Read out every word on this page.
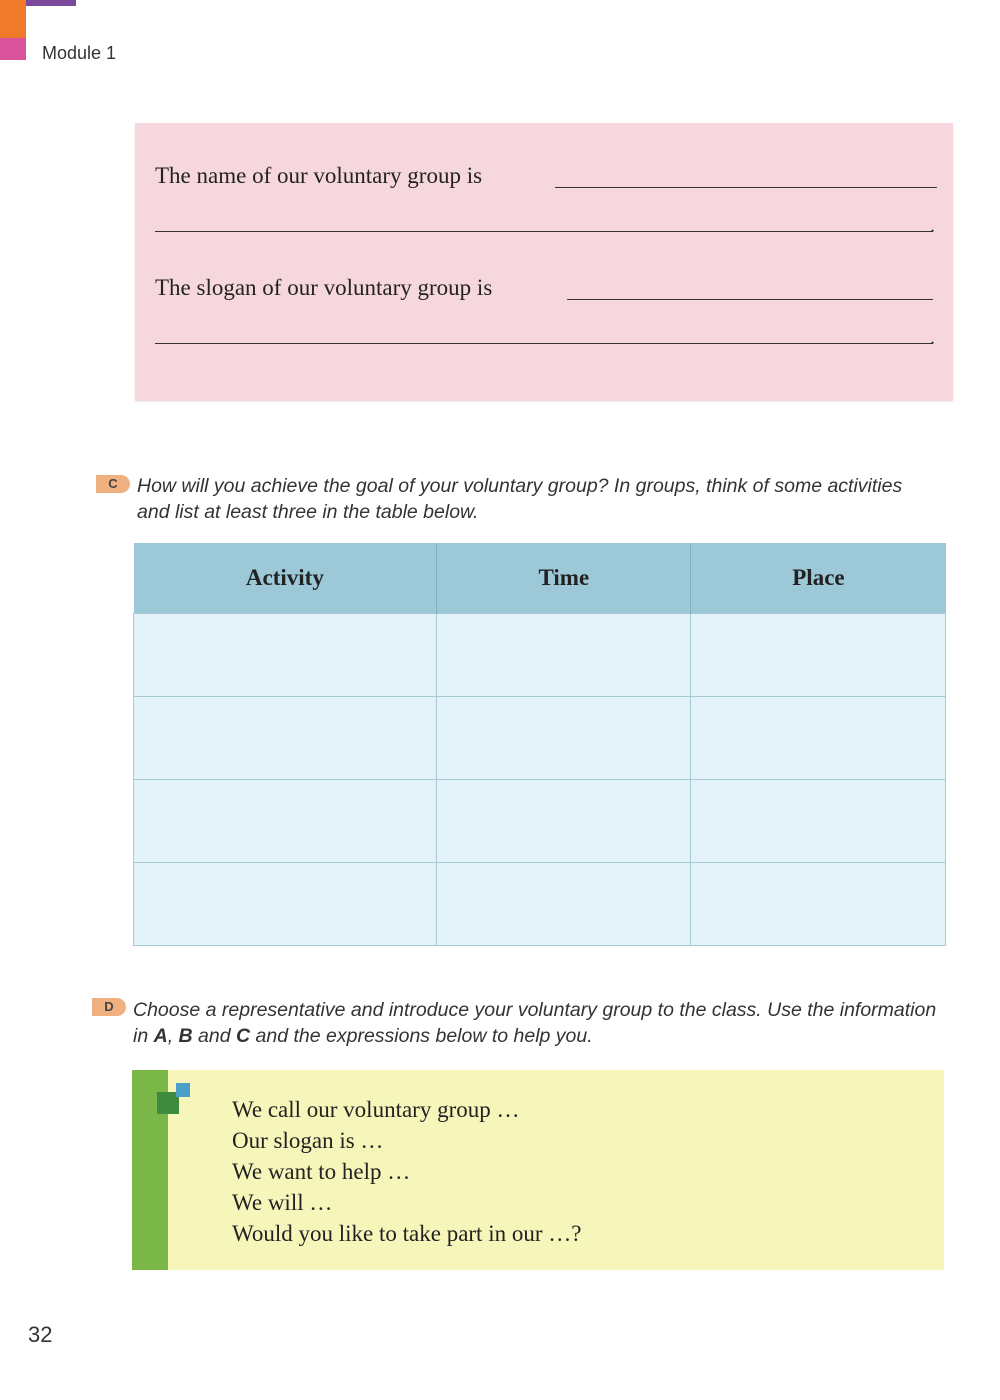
Module 1
The name of our voluntary group is
.
The slogan of our voluntary group is
.
C How will you achieve the goal of your voluntary group? In groups, think of some activities and list at least three in the table below.
Activity	Time	Place

D Choose a representative and introduce your voluntary group to the class. Use the information in A, B and C and the expressions below to help you.
We call our voluntary group …
Our slogan is …
We want to help …
We will …
Would you like to take part in our …?
32
